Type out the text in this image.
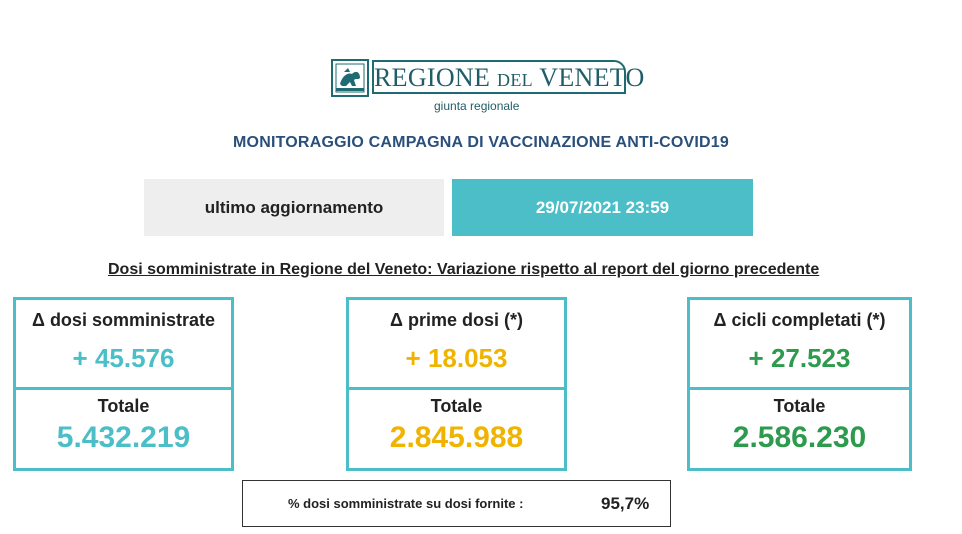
REGIONE DEL VENETO
giunta regionale
MONITORAGGIO CAMPAGNA DI VACCINAZIONE ANTI-COVID19
ultimo aggiornamento	29/07/2021 23:59
Dosi somministrate in Regione del Veneto: Variazione rispetto al report del giorno precedente
Δ dosi somministrate
+ 45.576
Totale
5.432.219
Δ prime dosi (*)
+ 18.053
Totale
2.845.988
Δ cicli completati (*)
+ 27.523
Totale
2.586.230
% dosi somministrate su dosi fornite :	95,7%
